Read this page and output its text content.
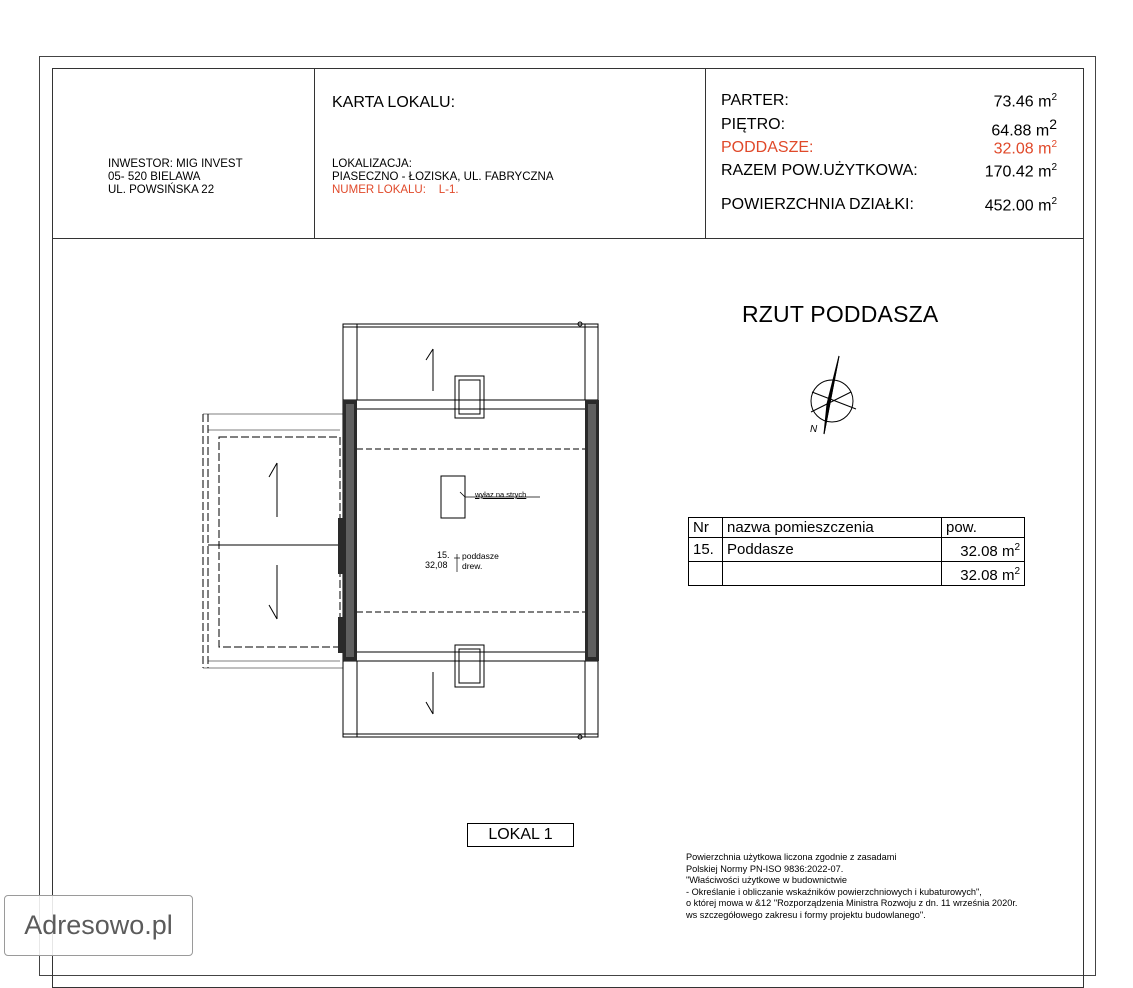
INWESTOR: MIG INVEST
05- 520 BIELAWA
UL. POWSIŃSKA 22
KARTA LOKALU:
LOKALIZACJA:
PIASECZNO - ŁOZISKA, UL. FABRYCZNA
NUMER LOKALU: L-1.
PARTER:	73.46 $m^2$
PIĘTRO:	64.88 $m^2$
PODDASZE:	32.08 $m^2$
RAZEM POW.UŻYTKOWA:	170.42 $m^2$
POWIERZCHNIA DZIAŁKI:	452.00 $m^2$
RZUT PODDASZA
wyłaz na strych
15. poddasze
32,08 drew.
N
Nr	nazwa pomieszczenia	pow.
15.	Poddasze	32.08 $m^2$
		32.08 $m^2$
LOKAL 1
Powierzchnia użytkowa liczona zgodnie z zasadami
Polskiej Normy PN-ISO 9836:2022-07.
"Właściwości użytkowe w budownictwie
- Określanie i obliczanie wskaźników powierzchniowych i kubaturowych",
o której mowa w &12 "Rozporządzenia Ministra Rozwoju z dn. 11 września 2020r.
ws szczegółowego zakresu i formy projektu budowlanego".
Adresowo.pl
